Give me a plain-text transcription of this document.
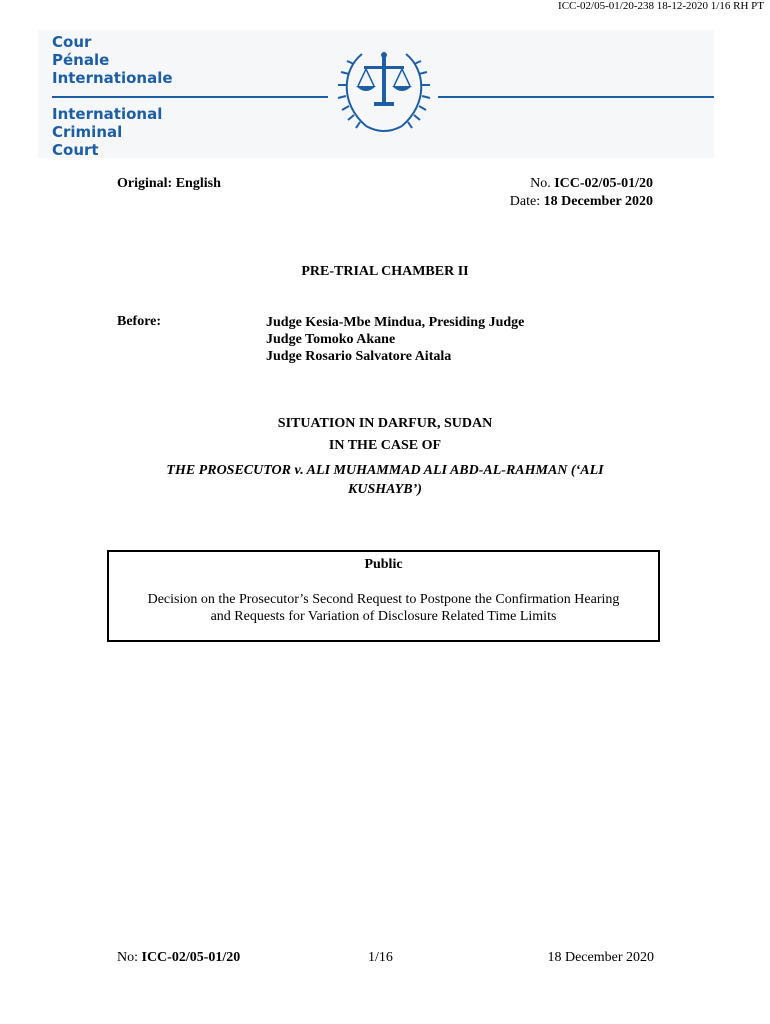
ICC-02/05-01/20-238 18-12-2020 1/16 RH PT
Cour
Pénale
Internationale
International
Criminal
Court
Original: English	No. ICC-02/05-01/20
Date: 18 December 2020
PRE-TRIAL CHAMBER II
Before:	Judge Kesia-Mbe Mindua, Presiding Judge
Judge Tomoko Akane
Judge Rosario Salvatore Aitala
SITUATION IN DARFUR, SUDAN
IN THE CASE OF
THE PROSECUTOR v. ALI MUHAMMAD ALI ABD-AL-RAHMAN (‘ALI
KUSHAYB’)
Public
Decision on the Prosecutor’s Second Request to Postpone the Confirmation Hearing
and Requests for Variation of Disclosure Related Time Limits
No: ICC-02/05-01/20	1/16	18 December 2020
